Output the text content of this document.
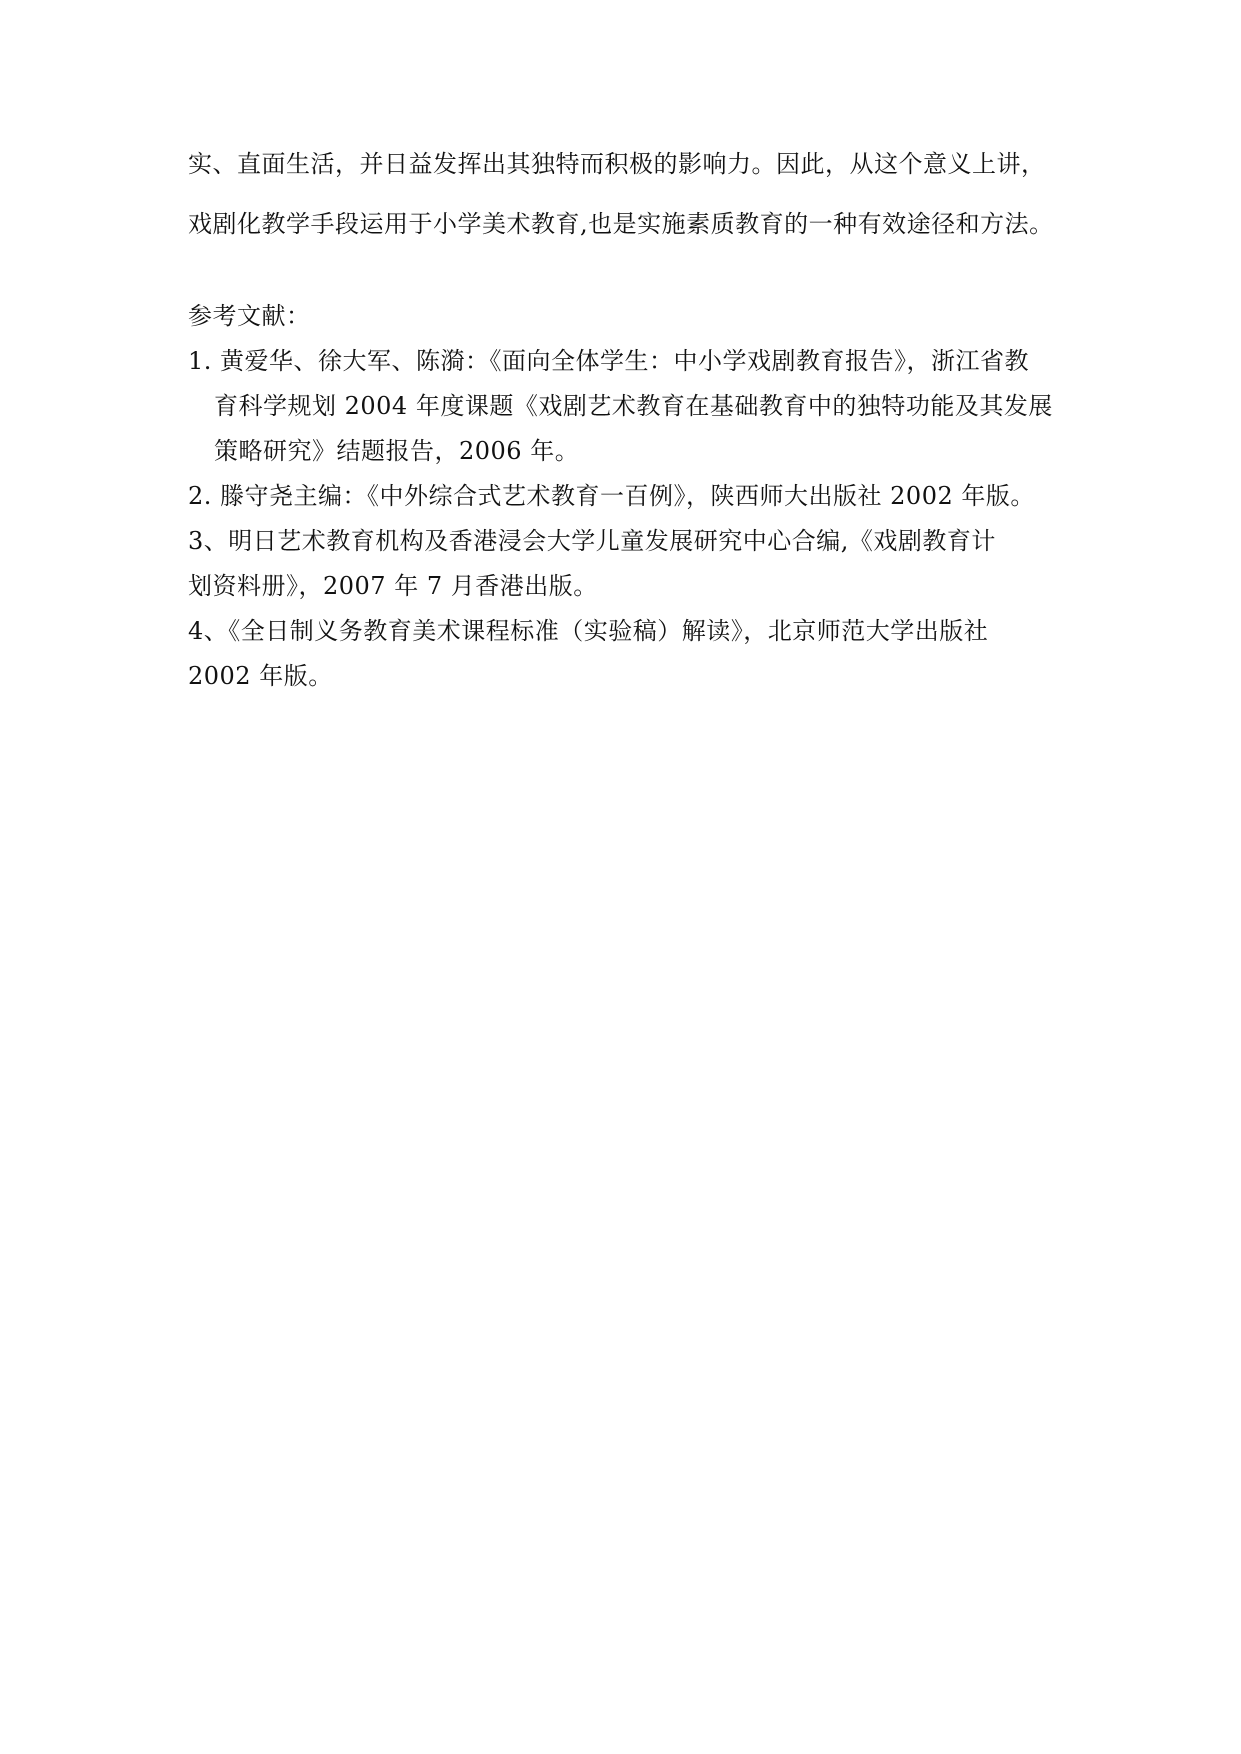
实、直面生活，并日益发挥出其独特而积极的影响力。因此，从这个意义上讲，
戏剧化教学手段运用于小学美术教育,也是实施素质教育的一种有效途径和方法。
参考文献：
1. 黄爱华、徐大军、陈漪：《面向全体学生：中小学戏剧教育报告》，浙江省教
育科学规划 2004 年度课题《戏剧艺术教育在基础教育中的独特功能及其发展
策略研究》结题报告，2006 年。
2. 滕守尧主编：《中外综合式艺术教育一百例》，陕西师大出版社 2002 年版。
3、明日艺术教育机构及香港浸会大学儿童发展研究中心合编,《戏剧教育计
划资料册》，2007 年 7 月香港出版。
4、《全日制义务教育美术课程标准（实验稿）解读》，北京师范大学出版社
2002 年版。
